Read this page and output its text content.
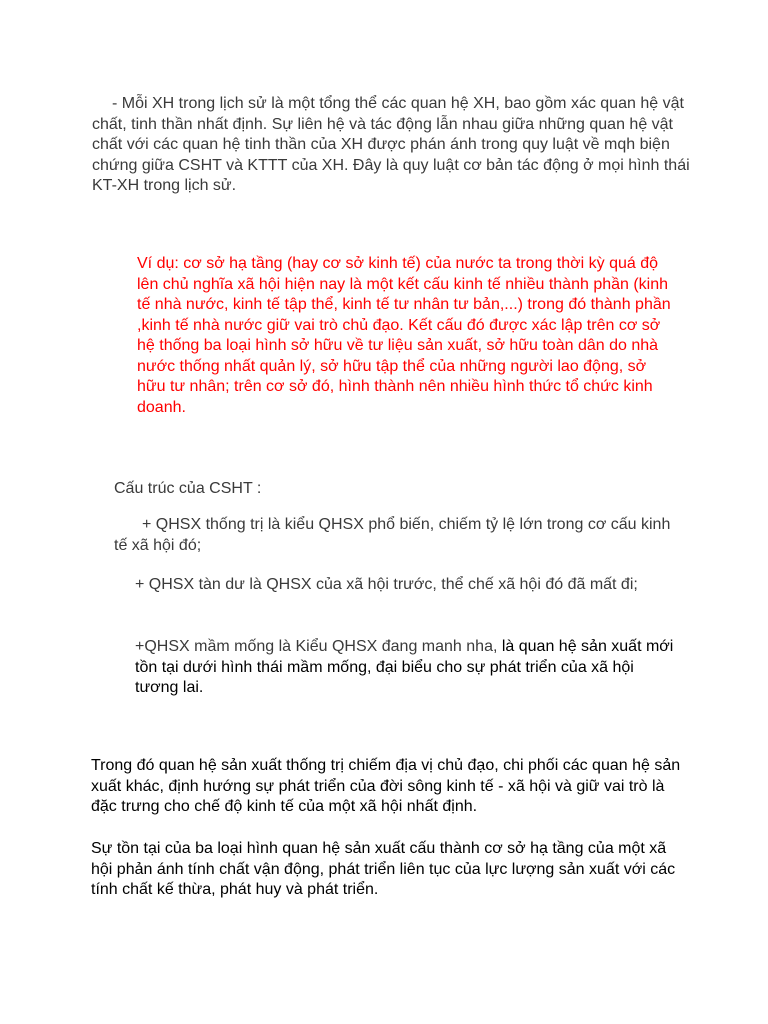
- Mỗi XH trong lịch sử là một tổng thể các quan hệ XH, bao gồm xác quan hệ vật chất, tinh thần nhất định. Sự liên hệ và tác động lẫn nhau giữa những quan hệ vật chất với các quan hệ tinh thần của XH được phán ánh trong quy luật về mqh biện chứng giữa CSHT và KTTT của XH. Đây là quy luật cơ bản tác động ở mọi hình thái KT-XH trong lịch sử.

Ví dụ: cơ sở hạ tầng (hay cơ sở kinh tế) của nước ta trong thời kỳ quá độ lên chủ nghĩa xã hội hiện nay là một kết cấu kinh tế nhiều thành phần (kinh tế nhà nước, kinh tế tập thể, kinh tế tư nhân tư bản,...) trong đó thành phần ,kinh tế nhà nước giữ vai trò chủ đạo. Kết cấu đó được xác lập trên cơ sở hệ thống ba loại hình sở hữu về tư liệu sản xuất, sở hữu toàn dân do nhà nước thống nhất quản lý, sở hữu tập thể của những người lao động, sở hữu tư nhân; trên cơ sở đó, hình thành nên nhiều hình thức tổ chức kinh doanh.

Cấu trúc của CSHT :

+ QHSX thống trị là kiểu QHSX phổ biến, chiếm tỷ lệ lớn trong cơ cấu kinh tế xã hội đó;

+ QHSX tàn dư là QHSX của xã hội trước, thể chế xã hội đó đã mất đi;

+QHSX mầm mống là Kiểu QHSX đang manh nha, là quan hệ sản xuất mới tồn tại dưới hình thái mầm mống, đại biểu cho sự phát triển của xã hội tương lai.

Trong đó quan hệ sản xuất thống trị chiếm địa vị chủ đạo, chi phối các quan hệ sản xuất khác, định hướng sự phát triển của đời sông kinh tế - xã hội và giữ vai trò là đặc trưng cho chế độ kinh tế của một xã hội nhất định.

Sự tồn tại của ba loại hình quan hệ sản xuất cấu thành cơ sở hạ tầng của một xã hội phản ánh tính chất vận động, phát triển liên tục của lực lượng sản xuất với các tính chất kế thừa, phát huy và phát triển.
